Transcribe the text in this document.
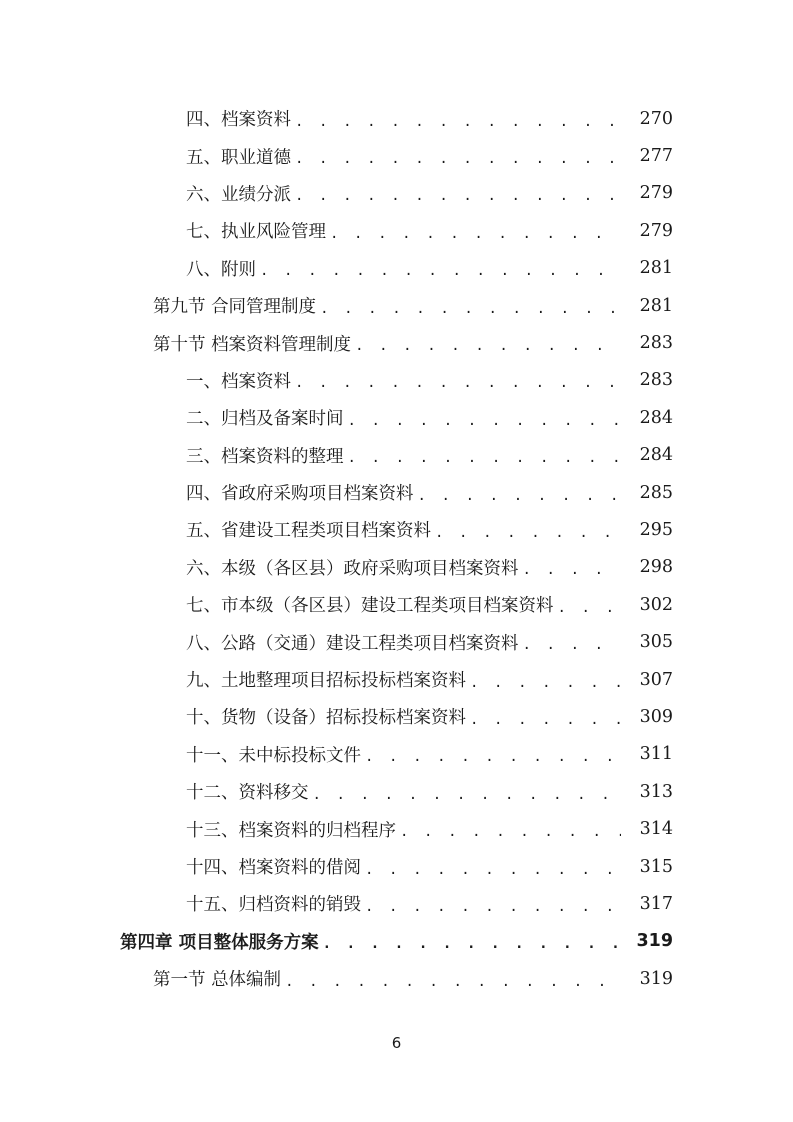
四、档案资料 . . .	270
五、职业道德 . . .	277
六、业绩分派 . . .	279
七、执业风险管理 . . .	279
八、附则 . . .	281
第九节 合同管理制度 . . .	281
第十节 档案资料管理制度 . . .	283
一、档案资料 . . .	283
二、归档及备案时间 . . .	284
三、档案资料的整理 . . .	284
四、省政府采购项目档案资料 . . .	285
五、省建设工程类项目档案资料 . . .	295
六、本级（各区县）政府采购项目档案资料 . . .	298
七、市本级（各区县）建设工程类项目档案资料 . . .	302
八、公路（交通）建设工程类项目档案资料 . . .	305
九、土地整理项目招标投标档案资料 . . .	307
十、货物（设备）招标投标档案资料 . . .	309
十一、未中标投标文件 . . .	311
十二、资料移交 . . .	313
十三、档案资料的归档程序 . . .	314
十四、档案资料的借阅 . . .	315
十五、归档资料的销毁 . . .	317
第四章 项目整体服务方案 . . .	319
第一节 总体编制 . . .	319
6
